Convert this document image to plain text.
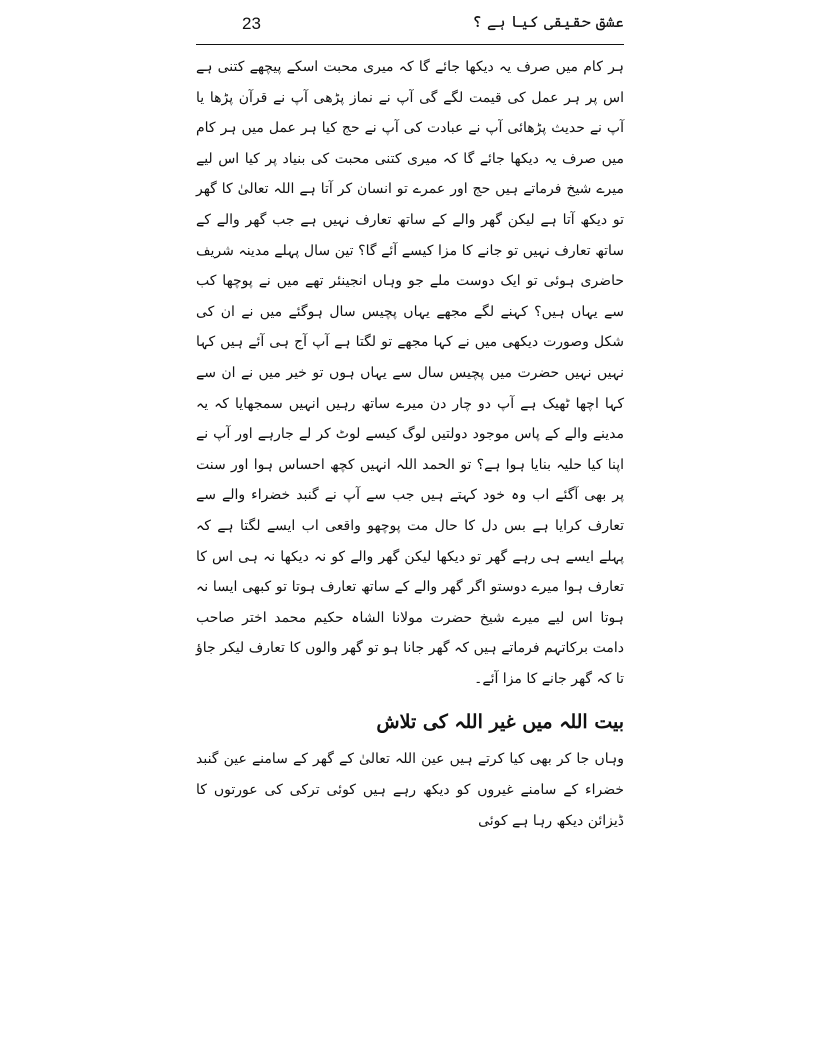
23	عشق حقیقی کیا ہے ؟

ہر کام میں صرف یہ دیکھا جائے گا کہ میری محبت اسکے پیچھے کتنی ہے اس پر ہر عمل کی قیمت لگے گی آپ نے نماز پڑھی آپ نے قرآن پڑھا یا آپ نے حدیث پڑھائی آپ نے عبادت کی آپ نے حج کیا ہر عمل میں ہر کام میں صرف یہ دیکھا جائے گا کہ میری کتنی محبت کی بنیاد پر کیا اس لیے میرے شیخ فرماتے ہیں حج اور عمرے تو انسان کر آتا ہے اللہ تعالیٰ کا گھر تو دیکھ آتا ہے لیکن گھر والے کے ساتھ تعارف نہیں ہے جب گھر والے کے ساتھ تعارف نہیں تو جانے کا مزا کیسے آئے گا؟ تین سال پہلے مدینہ شریف حاضری ہوئی تو ایک دوست ملے جو وہاں انجینئر تھے میں نے پوچھا کب سے یہاں ہیں؟ کہنے لگے مجھے یہاں پچیس سال ہوگئے میں نے ان کی شکل وصورت دیکھی میں نے کہا مجھے تو لگتا ہے آپ آج ہی آئے ہیں کہا نہیں نہیں حضرت میں پچیس سال سے یہاں ہوں تو خیر میں نے ان سے کہا اچھا ٹھیک ہے آپ دو چار دن میرے ساتھ رہیں انہیں سمجھایا کہ یہ مدینے والے کے پاس موجود دولتیں لوگ کیسے لوٹ کر لے جارہے اور آپ نے اپنا کیا حلیہ بنایا ہوا ہے؟ تو الحمد اللہ انہیں کچھ احساس ہوا اور سنت پر بھی آگئے اب وہ خود کہتے ہیں جب سے آپ نے گنبد خضراء والے سے تعارف کرایا ہے بس دل کا حال مت پوچھو واقعی اب ایسے لگتا ہے کہ پہلے ایسے ہی رہے گھر تو دیکھا لیکن گھر والے کو نہ دیکھا نہ ہی اس کا تعارف ہوا میرے دوستو اگر گھر والے کے ساتھ تعارف ہوتا تو کبھی ایسا نہ ہوتا اس لیے میرے شیخ حضرت مولانا الشاہ حکیم محمد اختر صاحب دامت برکاتہم فرماتے ہیں کہ گھر جانا ہو تو گھر والوں کا تعارف لیکر جاؤ تا کہ گھر جانے کا مزا آئے۔

بیت اللہ میں غیر اللہ کی تلاش

وہاں جا کر بھی کیا کرتے ہیں عین اللہ تعالیٰ کے گھر کے سامنے عین گنبد خضراء کے سامنے غیروں کو دیکھ رہے ہیں کوئی ترکی کی عورتوں کا ڈیزائن دیکھ رہا ہے کوئی
